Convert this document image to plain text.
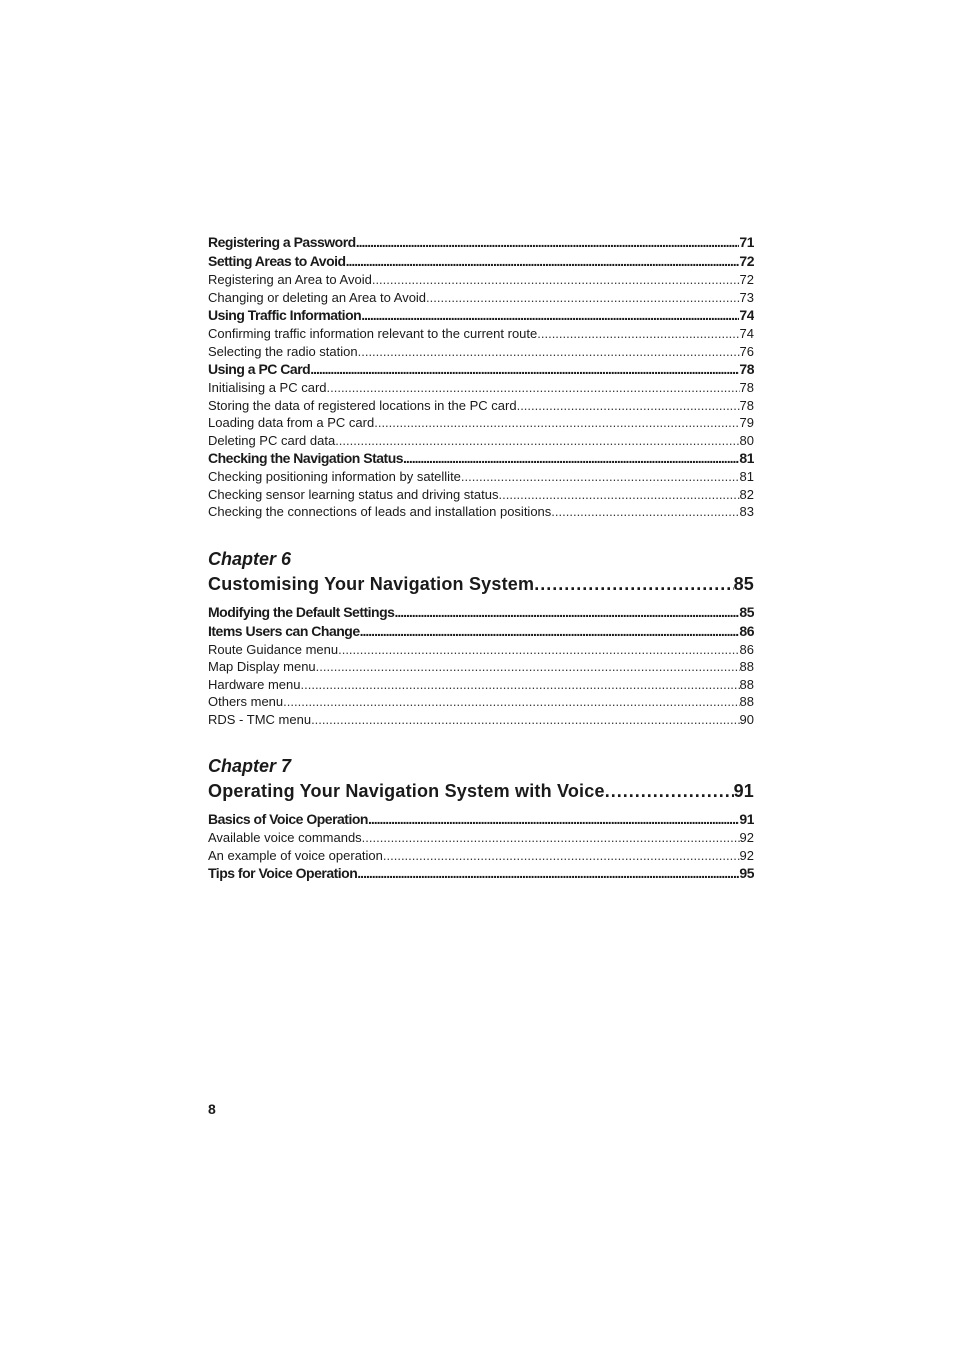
Registering a Password .....	71
Setting Areas to Avoid .....	72
Registering an Area to Avoid .....	72
Changing or deleting an Area to Avoid .....	73
Using Traffic Information .....	74
Confirming traffic information relevant to the current route .....	74
Selecting the radio station .....	76
Using a PC Card .....	78
Initialising a PC card .....	78
Storing the data of registered locations in the PC card .....	78
Loading data from a PC card .....	79
Deleting PC card data .....	80
Checking the Navigation Status .....	81
Checking positioning information by satellite .....	81
Checking sensor learning status and driving status .....	82
Checking the connections of leads and installation positions .....	83
Chapter 6
Customising Your Navigation System .....	85
Modifying the Default Settings .....	85
Items Users can Change .....	86
Route Guidance menu .....	86
Map Display menu .....	88
Hardware menu .....	88
Others menu .....	88
RDS - TMC menu .....	90
Chapter 7
Operating Your Navigation System with Voice .....	91
Basics of Voice Operation .....	91
Available voice commands .....	92
An example of voice operation .....	92
Tips for Voice Operation .....	95
8
